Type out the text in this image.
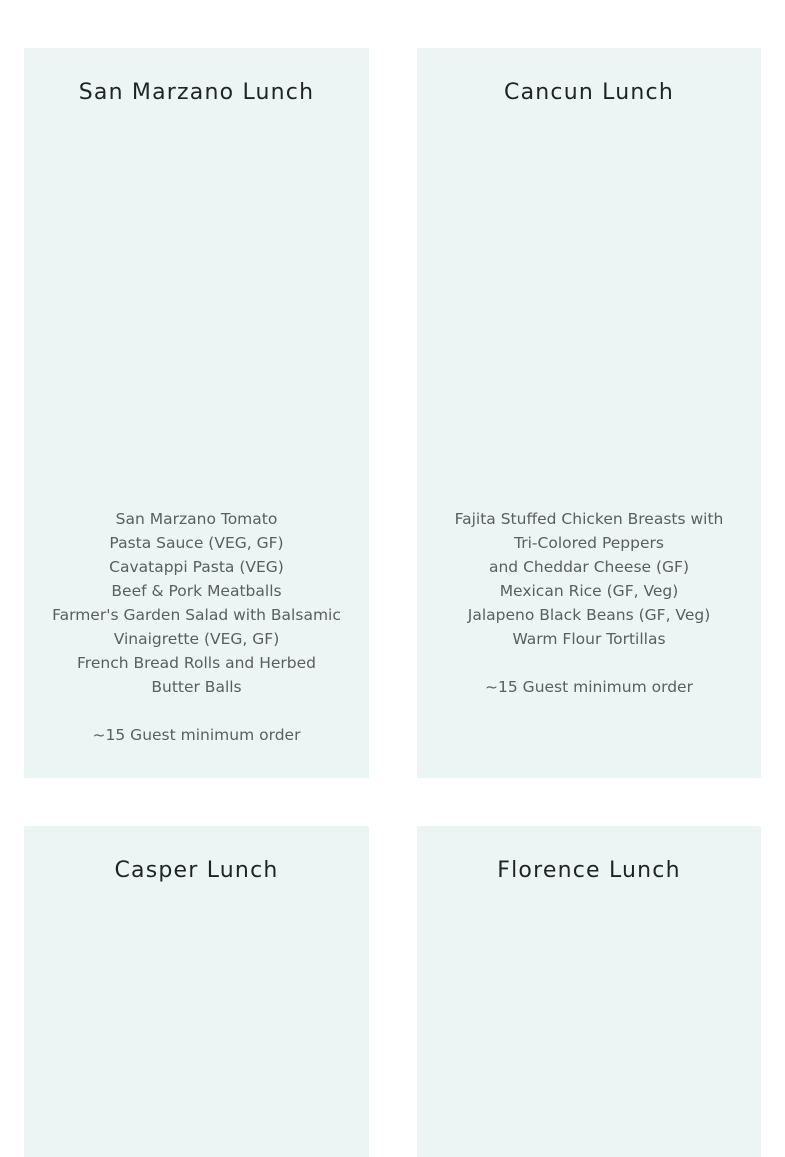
San Marzano Lunch
San Marzano Tomato
Pasta Sauce (VEG, GF)
Cavatappi Pasta (VEG)
Beef & Pork Meatballs
Farmer's Garden Salad with Balsamic
Vinaigrette (VEG, GF)
French Bread Rolls and Herbed
Butter Balls
~15 Guest minimum order
Cancun Lunch
Fajita Stuffed Chicken Breasts with
Tri-Colored Peppers
and Cheddar Cheese (GF)
Mexican Rice (GF, Veg)
Jalapeno Black Beans (GF, Veg)
Warm Flour Tortillas
~15 Guest minimum order
Casper Lunch	Florence Lunch
